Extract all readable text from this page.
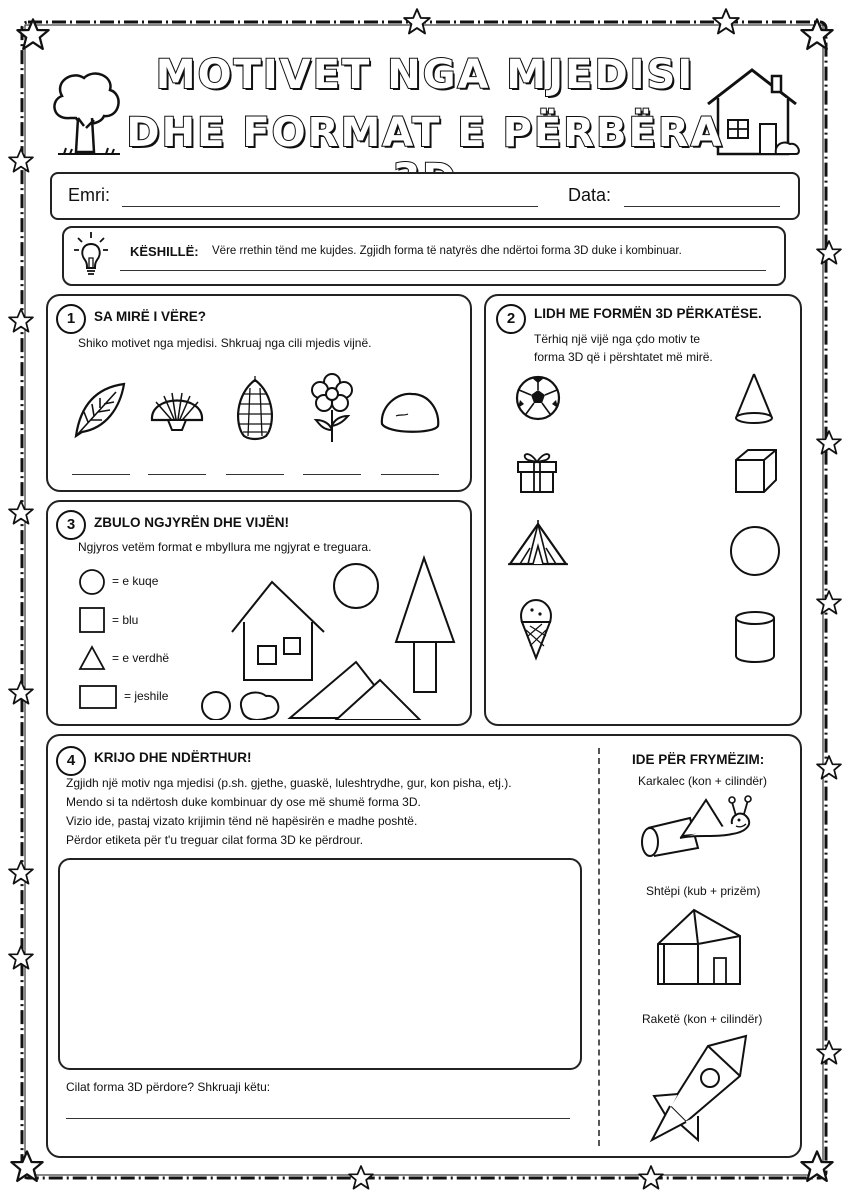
MOTIVET NGA MJEDISI
DHE FORMAT E PËRBËRA
Emri:	Data:
KËSHILLË: Vëre rrethin tënd me kujdes. Zgjidh forma të natyrës dhe ndërtoi forma 3D duke i kombinuar.
1	SA MIRË I VËRE?
Shiko motivet nga mjedisi. Shkruaj nga cili mjedis vijnë.
2	LIDH ME FORMËN 3D PËRKATËSE.
Tërhiq një vijë nga çdo motiv te
forma 3D që i përshtatet më mirë.
3	ZBULO NGJYRËN DHE VIJËN!
Ngjyros vetëm format e mbyllura me ngjyrat e treguara.
= e kuqe
= blu
= e verdhë
= jeshile
4	KRIJO DHE NDËRTHUR!
Zgjidh një motiv nga mjedisi (p.sh. gjethe, guaskë, luleshtrydhe, gur, kon pisha, etj.).
Mendo si ta ndërtosh duke kombinuar dy ose më shumë forma 3D.
Vizio ide, pastaj vizato krijimin tënd në hapësirën e madhe poshtë.
Përdor etiketa për t'u treguar cilat forma 3D ke përdrour.
Cilat forma 3D përdore? Shkruaji këtu:
IDE PËR FRYMËZIM:
Karkalec (kon + cilindër)
Shtëpi (kub + prizëm)
Raketë (kon + cilindër)
